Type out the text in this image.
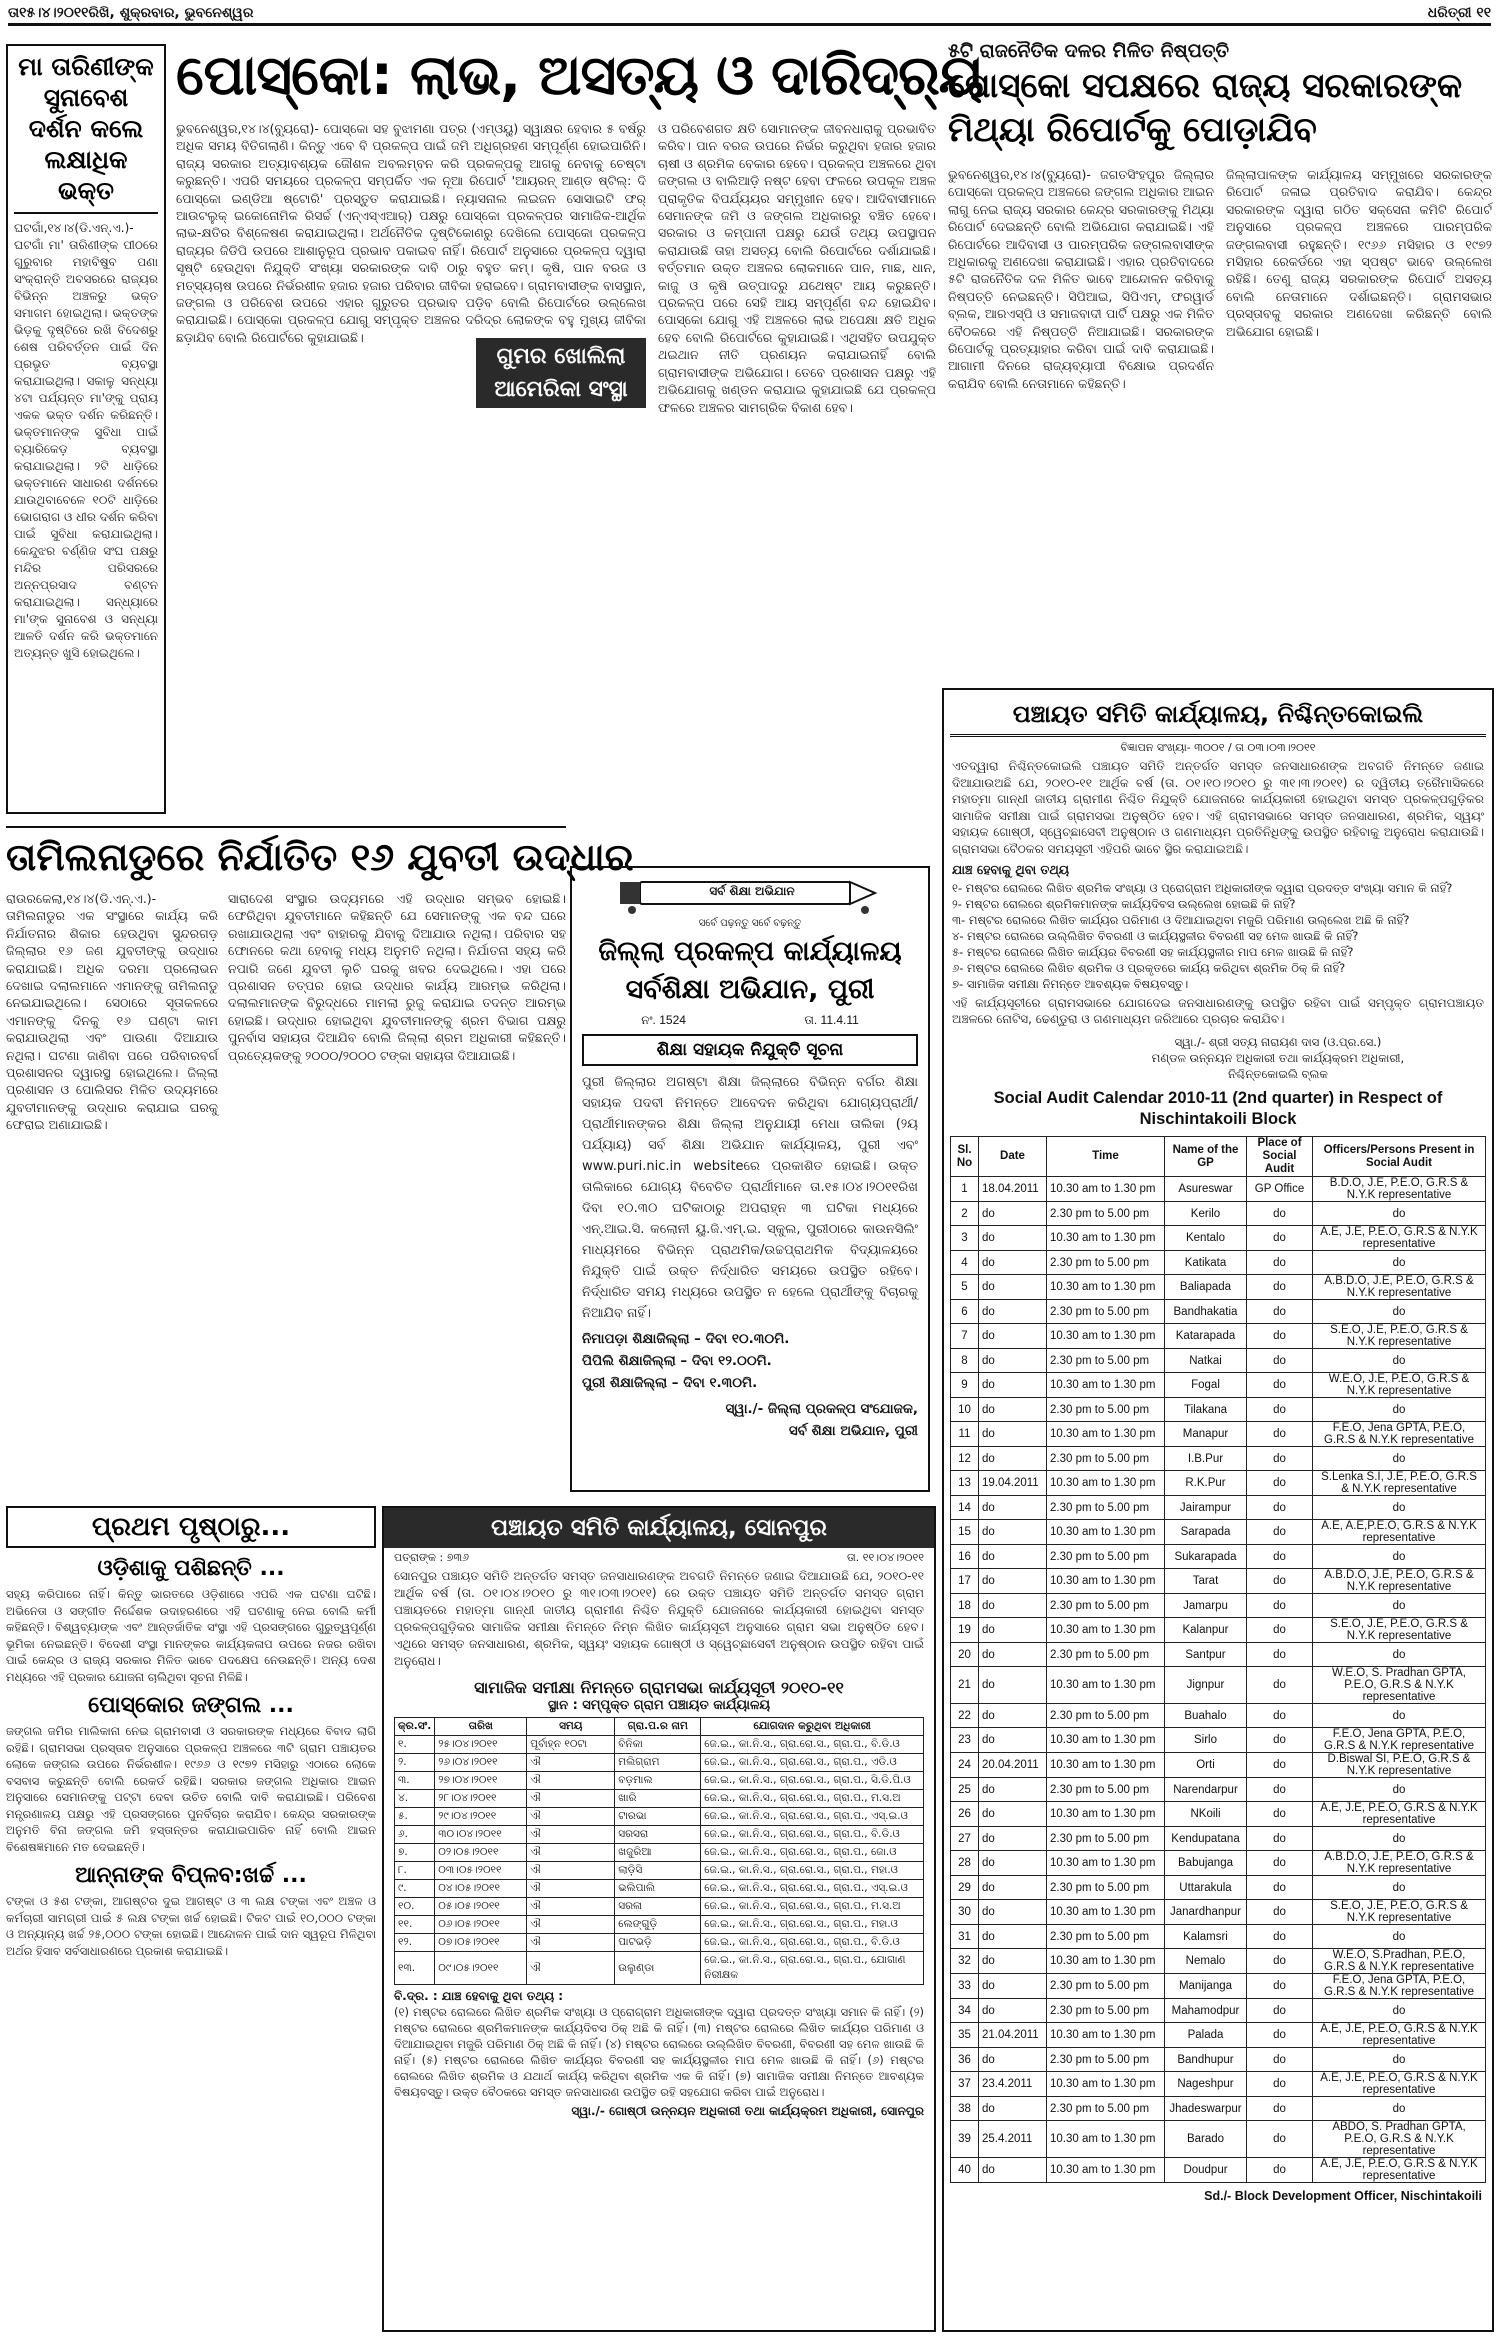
ତା୧୫।୪।୨୦୧୧ରିଖି, ଶୁକ୍ରବାର, ଭୁବନେଶ୍ୱର	ଧରିତ୍ରୀ ୧୧
ମା ତାରିଣୀଙ୍କ ସୁନାବେଶ ଦର୍ଶନ କଲେ ଲକ୍ଷାଧିକ ଭକ୍ତ
ଘଟଗାଁ,୧୪।୪(ଡି.ଏନ୍.ଏ.)- ଘଟଗାଁ ମା' ତାରିଣୀଙ୍କ ପୀଠରେ ଗୁରୁବାର ମହାବିଷୁବ ପଣା ସଂକ୍ରାନ୍ତି ଅବସରରେ ରାଜ୍ୟର ବିଭିନ୍ନ ଅଞ୍ଚଳରୁ ଭକ୍ତ ସମାଗମ ହୋଇଥିଲା। ଭକ୍ତଙ୍କ ଭିଡ଼କୁ ଦୃଷ୍ଟିରେ ରଖି ବିଦେଶରୁ ଶେଷ ପରିବର୍ତ୍ତନ ପାଇଁ ଦିନ ପ୍ରଭୃତ ବ୍ୟବସ୍ଥା କରାଯାଇଥିଲା। ସକାଳୁ ସନ୍ଧ୍ୟା ୪ଟା ପର୍ଯ୍ୟନ୍ତ ମା'ଙ୍କୁ ପ୍ରାୟ ଏକକ ଭକ୍ତ ଦର୍ଶନ କରିଛନ୍ତି। ଭକ୍ତମାନଙ୍କ ସୁବିଧା ପାଇଁ ବ୍ୟାରିକେଡ଼ ବ୍ୟବସ୍ଥା କରାଯାଇଥିଲା। ୨ଟି ଧାଡ଼ିରେ ଭକ୍ତମାନେ ସାଧାରଣ ଦର୍ଶନରେ ଯାଉଥିବାବେଳେ ୧୦ଟି ଧାଡ଼ିରେ ଭୋଗରାଗ ଓ ଧୀର ଦର୍ଶନ କରିବା ପାଇଁ ସୁବିଧା କରାଯାଇଥିଲା। କେନ୍ଦୁଝର ବର୍ଣ୍ଣିଜ ସଂଘ ପକ୍ଷରୁ ମନ୍ଦିର ପରିସରରେ ଅନ୍ନପ୍ରସାଦ ବଣ୍ଟନ କରାଯାଇଥିଲା। ସନ୍ଧ୍ୟାରେ ମା'ଙ୍କ ସୁନାବେଶ ଓ ସନ୍ଧ୍ୟା ଆଳତି ଦର୍ଶନ କରି ଭକ୍ତମାନେ ଅତ୍ୟନ୍ତ ଖୁସି ହୋଇଥିଲେ।
ପୋସ୍କୋ: ଲାଭ, ଅସତ୍ୟ ଓ ଦାରିଦ୍ର୍ୟ
ଭୁବନେଶ୍ୱର,୧୪।୪(ବ୍ୟୁରୋ)- ପୋସ୍କୋ ସହ ବୁଝାମଣା ପତ୍ର (ଏମ୍‌ଓୟୁ) ସ୍ୱାକ୍ଷର ହେବାର ୫ ବର୍ଷରୁ ଅଧିକ ସମୟ ବିତିଗଲାଣି। କିନ୍ତୁ ଏବେ ବି ପ୍ରକଳ୍ପ ପାଇଁ ଜମି ଅଧିଗ୍ରହଣ ସମ୍ପୂର୍ଣ୍ଣ ହୋଇପାରିନି। ରାଜ୍ୟ ସରକାର ଅତ୍ୟାବଶ୍ୟକ ଜୌଶଳ ଅବଲମ୍ବନ କରି ପ୍ରକଳ୍ପକୁ ଆଗକୁ ନେବାକୁ ଚେଷ୍ଟା କରୁଛନ୍ତି। ଏପରି ସମୟରେ ପ୍ରକଳ୍ପ ସମ୍ପର୍କିତ ଏକ ନୂଆ ରିପୋର୍ଟ 'ଆୟରନ୍ ଆଣ୍ଡ ଷ୍ଟିଲ୍: ଦି ପୋସ୍କୋ ଇଣ୍ଡିଆ ଷ୍ଟୋରି' ପ୍ରସ୍ତୁତ କରାଯାଇଛି। ନ୍ୟାସନାଲ ଲଇଜନ ସୋସାଇଟି ଫର୍ ଆଉଟଲୁକ୍ ଇକୋନୋମିକ ରିସର୍ଚ୍ଚ (ଏନ୍‌ଏସ୍‌ଏଆର୍) ପକ୍ଷରୁ ପୋସ୍କୋ ପ୍ରକଳ୍ପର ସାମାଜିକ-ଆର୍ଥିକ ଲାଭ-କ୍ଷତିର ବିଶ୍ଳେଷଣ କରାଯାଇଥିଲା। ଅର୍ଥନୈତିକ ଦୃଷ୍ଟିକୋଣରୁ ଦେଖିଲେ ପୋସ୍କୋ ପ୍ରକଳ୍ପ ରାଜ୍ୟର ଜିଡିପି ଉପରେ ଆଶାନୁରୂପ ପ୍ରଭାବ ପକାଇବ ନାହିଁ। ରିପୋର୍ଟ ଅନୁସାରେ ପ୍ରକଳ୍ପ ଦ୍ୱାରା ସୃଷ୍ଟି ହେଉଥିବା ନିଯୁକ୍ତି ସଂଖ୍ୟା ସରକାରଙ୍କ ଦାବି ଠାରୁ ବହୁତ କମ୍। କୃଷି, ପାନ ବରଜ ଓ ମତ୍ସ୍ୟଚାଷ ଉପରେ ନିର୍ଭରଶୀଳ ହଜାର ହଜାର ପରିବାର ଜୀବିକା ହରାଇବେ। ଗ୍ରାମବାସୀଙ୍କ ବାସସ୍ଥାନ, ଜଙ୍ଗଲ ଓ ପରିବେଶ ଉପରେ ଏହାର ଗୁରୁତର ପ୍ରଭାବ ପଡ଼ିବ ବୋଲି ରିପୋର୍ଟରେ ଉଲ୍ଲେଖ କରାଯାଇଛି। ପୋସ୍କୋ ପ୍ରକଳ୍ପ ଯୋଗୁ ସମ୍ପୃକ୍ତ ଅଞ୍ଚଳର ଦରିଦ୍ର ଲୋକଙ୍କ ବହୁ ମୁଖ୍ୟ ଜୀବିକା ଛଡ଼ାଯିବ ବୋଲି ରିପୋର୍ଟରେ କୁହାଯାଇଛି।
ଗୁମର ଖୋଲିଲା ଆମେରିକା ସଂସ୍ଥା
ଓ ପରିବେଶଗତ କ୍ଷତି ସୋମାନଙ୍କ ଜୀବନଧାରାକୁ ପ୍ରଭାବିତ କରିବ। ପାନ ବରଜ ଉପରେ ନିର୍ଭର କରୁଥିବା ହଜାର ହଜାର ଚାଷୀ ଓ ଶ୍ରମିକ ବେକାର ହେବେ। ପ୍ରକଳ୍ପ ଅଞ୍ଚଳରେ ଥିବା ଜଙ୍ଗଲ ଓ ବାଲିଆଡ଼ି ନଷ୍ଟ ହେବା ଫଳରେ ଉପକୂଳ ଅଞ୍ଚଳ ପ୍ରାକୃତିକ ବିପର୍ଯ୍ୟୟର ସମ୍ମୁଖୀନ ହେବ। ଆଦିବାସୀମାନେ ସେମାନଙ୍କ ଜମି ଓ ଜଙ୍ଗଲ ଅଧିକାରରୁ ବଞ୍ଚିତ ହେବେ। ସରକାର ଓ କମ୍ପାନୀ ପକ୍ଷରୁ ଯେଉଁ ତଥ୍ୟ ଉପସ୍ଥାପନ କରାଯାଉଛି ତାହା ଅସତ୍ୟ ବୋଲି ରିପୋର୍ଟରେ ଦର୍ଶାଯାଇଛି। ବର୍ତ୍ତମାନ ଉକ୍ତ ଅଞ୍ଚଳର ଲୋକମାନେ ପାନ, ମାଛ, ଧାନ, କାଜୁ ଓ କୃଷି ଉତ୍ପାଦରୁ ଯଥେଷ୍ଟ ଆୟ କରୁଛନ୍ତି। ପ୍ରକଳ୍ପ ପରେ ସେହି ଆୟ ସମ୍ପୂର୍ଣ୍ଣ ବନ୍ଦ ହୋଇଯିବ। ପୋସ୍କୋ ଯୋଗୁ ଏହି ଅଞ୍ଚଳରେ ଲାଭ ଅପେକ୍ଷା କ୍ଷତି ଅଧିକ ହେବ ବୋଲି ରିପୋର୍ଟରେ କୁହାଯାଇଛି। ଏଥିସହିତ ଉପଯୁକ୍ତ ଥଇଥାନ ନୀତି ପ୍ରଣୟନ କରାଯାଇନାହିଁ ବୋଲି ଗ୍ରାମବାସୀଙ୍କ ଅଭିଯୋଗ। ତେବେ ପ୍ରଶାସନ ପକ୍ଷରୁ ଏହି ଅଭିଯୋଗକୁ ଖଣ୍ଡନ କରାଯାଇ କୁହାଯାଇଛି ଯେ ପ୍ରକଳ୍ପ ଫଳରେ ଅଞ୍ଚଳର ସାମଗ୍ରିକ ବିକାଶ ହେବ।
୫ଟି ରାଜନୈତିକ ଦଳର ମିଳିତ ନିଷ୍ପତ୍ତି
ପୋସ୍କୋ ସପକ୍ଷରେ ରାଜ୍ୟ ସରକାରଙ୍କ ମିଥ୍ୟା ରିପୋର୍ଟକୁ ପୋଡ଼ାଯିବ
ଭୁବନେଶ୍ୱର,୧୪।୪(ବ୍ୟୁରୋ)- ଜଗତସିଂହପୁର ଜିଲ୍ଲାର ପୋସ୍କୋ ପ୍ରକଳ୍ପ ଅଞ୍ଚଳରେ ଜଙ୍ଗଲ ଅଧିକାର ଆଇନ ଲାଗୁ ନେଇ ରାଜ୍ୟ ସରକାର କେନ୍ଦ୍ର ସରକାରଙ୍କୁ ମିଥ୍ୟା ରିପୋର୍ଟ ଦେଇଛନ୍ତି ବୋଲି ଅଭିଯୋଗ କରାଯାଇଛି। ଏହି ରିପୋର୍ଟରେ ଆଦିବାସୀ ଓ ପାରମ୍ପରିକ ଜଙ୍ଗଲବାସୀଙ୍କ ଅଧିକାରକୁ ଅଣଦେଖା କରାଯାଇଛି। ଏହାର ପ୍ରତିବାଦରେ ୫ଟି ରାଜନୈତିକ ଦଳ ମିଳିତ ଭାବେ ଆନ୍ଦୋଳନ କରିବାକୁ ନିଷ୍ପତ୍ତି ନେଇଛନ୍ତି। ସିପିଆଇ, ସିପିଏମ୍, ଫରୱାର୍ଡ ବ୍ଲକ, ଆରଏସ୍‌ପି ଓ ସମାଜବାଦୀ ପାର୍ଟି ପକ୍ଷରୁ ଏକ ମିଳିତ ବୈଠକରେ ଏହି ନିଷ୍ପତ୍ତି ନିଆଯାଇଛି। ସରକାରଙ୍କ ରିପୋର୍ଟକୁ ପ୍ରତ୍ୟାହାର କରିବା ପାଇଁ ଦାବି କରାଯାଇଛି। ଆଗାମୀ ଦିନରେ ରାଜ୍ୟବ୍ୟାପୀ ବିକ୍ଷୋଭ ପ୍ରଦର୍ଶନ କରାଯିବ ବୋଲି ନେତାମାନେ କହିଛନ୍ତି।
ଜିଲ୍ଲାପାଳଙ୍କ କାର୍ଯ୍ୟାଳୟ ସମ୍ମୁଖରେ ସରକାରଙ୍କ ରିପୋର୍ଟ ଜଳାଇ ପ୍ରତିବାଦ କରାଯିବ। କେନ୍ଦ୍ର ସରକାରଙ୍କ ଦ୍ୱାରା ଗଠିତ ସକ୍ସେନା କମିଟି ରିପୋର୍ଟ ଅନୁସାରେ ପ୍ରକଳ୍ପ ଅଞ୍ଚଳରେ ପାରମ୍ପରିକ ଜଙ୍ଗଲବାସୀ ରହୁଛନ୍ତି। ୧୯୬୬ ମସିହାର ଓ ୧୯୭୨ ମସିହାର ରେକର୍ଡରେ ଏହା ସ୍ପଷ୍ଟ ଭାବେ ଉଲ୍ଲେଖ ରହିଛି। ତେଣୁ ରାଜ୍ୟ ସରକାରଙ୍କ ରିପୋର୍ଟ ଅସତ୍ୟ ବୋଲି ନେତାମାନେ ଦର୍ଶାଇଛନ୍ତି। ଗ୍ରାମସଭାର ପ୍ରସ୍ତାବକୁ ସରକାର ଅଣଦେଖା କରିଛନ୍ତି ବୋଲି ଅଭିଯୋଗ ହୋଇଛି।
ପଞ୍ଚାୟତ ସମିତି କାର୍ଯ୍ୟାଳୟ, ନିଶ୍ଚିନ୍ତକୋଇଲି
ବିଜ୍ଞାପନ ସଂଖ୍ୟା- ୩୦୦୧ / ତା ୦୩।୦୩।୨୦୧୧
ଏତଦ୍ୱାରା ନିଶ୍ଚିନ୍ତକୋଇଲି ପଞ୍ଚାୟତ ସମିତି ଅନ୍ତର୍ଗତ ସମସ୍ତ ଜନସାଧାରଣଙ୍କ ଅବଗତି ନିମନ୍ତେ ଜଣାଇ ଦିଆଯାଉଅଛି ଯେ, ୨୦୧୦-୧୧ ଆର୍ଥିକ ବର୍ଷ (ତା. ୦୧।୧୦।୨୦୧୦ ରୁ ୩୧।୩।୨୦୧୧) ର ଦ୍ୱିତୀୟ ତ୍ରୈମାସିକରେ ମହାତ୍ମା ଗାନ୍ଧୀ ଜାତୀୟ ଗ୍ରାମୀଣ ନିଶ୍ଚିତ ନିଯୁକ୍ତି ଯୋଜନାରେ କାର୍ଯ୍ୟକାରୀ ହୋଇଥିବା ସମସ୍ତ ପ୍ରକଳ୍ପଗୁଡ଼ିକର ସାମାଜିକ ସମୀକ୍ଷା ପାଇଁ ଗ୍ରାମସଭା ଅନୁଷ୍ଠିତ ହେବ। ଏହି ଗ୍ରାମସଭାରେ ସମସ୍ତ ଜନସାଧାରଣ, ଶ୍ରମିକ, ସ୍ୱୟଂ ସହାୟକ ଗୋଷ୍ଠୀ, ସ୍ୱେଚ୍ଛାସେବୀ ଅନୁଷ୍ଠାନ ଓ ଗଣମାଧ୍ୟମ ପ୍ରତିନିଧିଙ୍କୁ ଉପସ୍ଥିତ ରହିବାକୁ ଅନୁରୋଧ କରାଯାଉଛି। ଗ୍ରାମସଭା ବୈଠକର ସମୟସୂଚୀ ଏହିପରି ଭାବେ ସ୍ଥିର କରାଯାଇଅଛି।
ଯାଞ୍ଚ ହେବାକୁ ଥିବା ତଥ୍ୟ
୧- ମଷ୍ଟର ରୋଲରେ ଲିଖିତ ଶ୍ରମିକ ସଂଖ୍ୟା ଓ ପ୍ରୋଗ୍ରାମ ଅଧିକାରୀଙ୍କ ଦ୍ୱାରା ପ୍ରଦତ୍ତ ସଂଖ୍ୟା ସମାନ କି ନାହିଁ?
୨- ମଷ୍ଟର ରୋଲରେ ଶ୍ରମିକମାନଙ୍କ କାର୍ଯ୍ୟଦିବସ ଉଲ୍ଲେଖ ହୋଇଛି କି ନାହିଁ?
୩- ମଷ୍ଟର ରୋଲରେ ଲିଖିତ କାର୍ଯ୍ୟର ପରିମାଣ ଓ ଦିଆଯାଇଥିବା ମଜୁରି ପରିମାଣ ଉଲ୍ଲେଖ ଅଛି କି ନାହିଁ?
୪- ମଷ୍ଟର ରୋଲରେ ଉଲ୍ଲିଖିତ ବିବରଣୀ ଓ କାର୍ଯ୍ୟସ୍ଥଳୀର ବିବରଣୀ ସହ ମେଳ ଖାଉଛି କି ନାହିଁ?
୫- ମଷ୍ଟର ରୋଲରେ ଲିଖିତ କାର୍ଯ୍ୟର ବିବରଣୀ ସହ କାର୍ଯ୍ୟସ୍ଥଳୀର ମାପ ମେଳ ଖାଉଛି କି ନାହିଁ?
୬- ମଷ୍ଟର ରୋଲରେ ଲିଖିତ ଶ୍ରମିକ ଓ ପ୍ରକୃତରେ କାର୍ଯ୍ୟ କରିଥିବା ଶ୍ରମିକ ଠିକ୍ କି ନାହିଁ?
୭- ସାମାଜିକ ସମୀକ୍ଷା ନିମନ୍ତେ ଆବଶ୍ୟକ ବିଷୟବସ୍ତୁ।
ଏହି କାର୍ଯ୍ୟସୂଚୀରେ ଗ୍ରାମସଭାରେ ଯୋଗଦେଇ ଜନସାଧାରଣଙ୍କୁ ଉପସ୍ଥିତ ରହିବା ପାଇଁ ସମ୍ପୃକ୍ତ ଗ୍ରାମପଞ୍ଚାୟତ ଅଞ୍ଚଳରେ ନୋଟିସ, ଢେଣ୍ଡୁରା ଓ ଗଣମାଧ୍ୟମ ଜରିଆରେ ପ୍ରଚାର କରାଯିବ।
ସ୍ୱା./- ଶ୍ରୀ ସତ୍ୟ ନାରାୟଣ ଦାସ (ଓ.ପ୍ର.ସେ.)
ମଣ୍ଡଳ ଉନ୍ନୟନ ଅଧିକାରୀ ତଥା କାର୍ଯ୍ୟକ୍ରମ ଅଧିକାରୀ,
ନିଶ୍ଚିନ୍ତକୋଇଲି ବ୍ଲକ
Social Audit Calendar 2010-11 (2nd quarter) in Respect of Nischintakoili Block
Sl. No	Date	Time	Name of the GP	Place of Social Audit	Officers/Persons Present in Social Audit
1	18.04.2011	10.30 am to 1.30 pm	Asureswar	GP Office	B.D.O, J.E, P.E.O, G.R.S & N.Y.K representative
2	do	2.30 pm to 5.00 pm	Kerilo	do	do
3	do	10.30 am to 1.30 pm	Kentalo	do	A.E, J.E, P.E.O, G.R.S & N.Y.K representative
4	do	2.30 pm to 5.00 pm	Katikata	do	do
5	do	10.30 am to 1.30 pm	Baliapada	do	A.B.D.O, J.E, P.E.O, G.R.S & N.Y.K representative
6	do	2.30 pm to 5.00 pm	Bandhakatia	do	do
7	do	10.30 am to 1.30 pm	Katarapada	do	S.E.O, J.E, P.E.O, G.R.S & N.Y.K representative
8	do	2.30 pm to 5.00 pm	Natkai	do	do
9	do	10.30 am to 1.30 pm	Fogal	do	W.E.O, J.E, P.E.O, G.R.S & N.Y.K representative
10	do	2.30 pm to 5.00 pm	Tilakana	do	do
11	do	10.30 am to 1.30 pm	Manapur	do	F.E.O, Jena GPTA, P.E.O, G.R.S & N.Y.K representative
12	do	2.30 pm to 5.00 pm	I.B.Pur	do	do
13	19.04.2011	10.30 am to 1.30 pm	R.K.Pur	do	S.Lenka S.I, J.E, P.E.O, G.R.S & N.Y.K representative
14	do	2.30 pm to 5.00 pm	Jairampur	do	do
15	do	10.30 am to 1.30 pm	Sarapada	do	A.E, A.E,P.E.O, G.R.S & N.Y.K representative
16	do	2.30 pm to 5.00 pm	Sukarapada	do	do
17	do	10.30 am to 1.30 pm	Tarat	do	A.B.D.O, J.E, P.E.O, G.R.S & N.Y.K representative
18	do	2.30 pm to 5.00 pm	Jamarpu	do	do
19	do	10.30 am to 1.30 pm	Kalanpur	do	S.E.O, J.E, P.E.O, G.R.S & N.Y.K representative
20	do	2.30 pm to 5.00 pm	Santpur	do	do
21	do	10.30 am to 1.30 pm	Jignpur	do	W.E.O, S. Pradhan GPTA, P.E.O, G.R.S & N.Y.K representative
22	do	2.30 pm to 5.00 pm	Buahalo	do	do
23	do	10.30 am to 1.30 pm	Sirlo	do	F.E.O, Jena GPTA, P.E.O, G.R.S & N.Y.K representative
24	20.04.2011	10.30 am to 1.30 pm	Orti	do	D.Biswal SI, P.E.O, G.R.S & N.Y.K representative
25	do	2.30 pm to 5.00 pm	Narendarpur	do	do
26	do	10.30 am to 1.30 pm	NKoili	do	A.E, J.E, P.E.O, G.R.S & N.Y.K representative
27	do	2.30 pm to 5.00 pm	Kendupatana	do	do
28	do	10.30 am to 1.30 pm	Babujanga	do	A.B.D.O, J.E, P.E.O, G.R.S & N.Y.K representative
29	do	2.30 pm to 5.00 pm	Uttarakula	do	do
30	do	10.30 am to 1.30 pm	Janardhanpur	do	S.E.O, J.E, P.E.O, G.R.S & N.Y.K representative
31	do	2.30 pm to 5.00 pm	Kalamsri	do	do
32	do	10.30 am to 1.30 pm	Nemalo	do	W.E.O, S.Pradhan, P.E.O, G.R.S & N.Y.K representative
33	do	2.30 pm to 5.00 pm	Manijanga	do	F.E.O, Jena GPTA, P.E.O, G.R.S & N.Y.K representative
34	do	2.30 pm to 5.00 pm	Mahamodpur	do	do
35	21.04.2011	10.30 am to 1.30 pm	Palada	do	A.E, J.E, P.E.O, G.R.S & N.Y.K representative
36	do	2.30 pm to 5.00 pm	Bandhupur	do	do
37	23.4.2011	10.30 am to 1.30 pm	Nageshpur	do	A.E, J.E, P.E.O, G.R.S & N.Y.K representative
38	do	2.30 pm to 5.00 pm	Jhadeswarpur	do	do
39	25.4.2011	10.30 am to 1.30 pm	Barado	do	ABDO, S. Pradhan GPTA, P.E.O, G.R.S & N.Y.K representative
40	do	10.30 am to 1.30 pm	Doudpur	do	A.E, J.E, P.E.O, G.R.S & N.Y.K representative
Sd./- Block Development Officer, Nischintakoili
ତାମିଲନାଡୁରେ ନିର୍ଯାତିତ ୧୬ ଯୁବତୀ ଉଦ୍ଧାର
ରାଉରକେଲା,୧୪।୪(ଡି.ଏନ୍.ଏ.)- ତାମିଲନାଡୁର ଏକ ସଂସ୍ଥାରେ କାର୍ଯ୍ୟ କରି ନିର୍ଯାତନାର ଶିକାର ହେଉଥିବା ସୁନ୍ଦରଗଡ଼ ଜିଲ୍ଲାର ୧୬ ଜଣ ଯୁବତୀଙ୍କୁ ଉଦ୍ଧାର କରାଯାଇଛି। ଅଧିକ ଦରମା ପ୍ରଲୋଭନ ଦେଖାଇ ଦଲାଲମାନେ ଏମାନଙ୍କୁ ତାମିଲନାଡୁ ନେଇଯାଇଥିଲେ। ସେଠାରେ ସୂତାକଳରେ ଏମାନଙ୍କୁ ଦିନକୁ ୧୬ ଘଣ୍ଟା କାମ କରାଯାଉଥିଲା ଏବଂ ପାଉଣା ଦିଆଯାଉ ନଥିଲା। ଘଟଣା ଜାଣିବା ପରେ ପରିବାରବର୍ଗ ପ୍ରଶାସନର ଦ୍ୱାରସ୍ଥ ହୋଇଥିଲେ। ଜିଲ୍ଲା ପ୍ରଶାସନ ଓ ପୋଲିସର ମିଳିତ ଉଦ୍ୟମରେ ଯୁବତୀମାନଙ୍କୁ ଉଦ୍ଧାର କରାଯାଇ ଘରକୁ ଫେରାଇ ଅଣାଯାଇଛି।
ସାରାଦେଶ ସଂସ୍ଥାର ଉଦ୍ୟମରେ ଏହି ଉଦ୍ଧାର ସମ୍ଭବ ହୋଇଛି। ଫେରିଥିବା ଯୁବତୀମାନେ କହିଛନ୍ତି ଯେ ସେମାନଙ୍କୁ ଏକ ବନ୍ଦ ଘରେ ରଖାଯାଉଥିଲା ଏବଂ ବାହାରକୁ ଯିବାକୁ ଦିଆଯାଉ ନଥିଲା। ପରିବାର ସହ ଫୋନରେ କଥା ହେବାକୁ ମଧ୍ୟ ଅନୁମତି ନଥିଲା। ନିର୍ଯାତନା ସହ୍ୟ କରି ନପାରି ଜଣେ ଯୁବତୀ ଲୁଚି ଘରକୁ ଖବର ଦେଇଥିଲେ। ଏହା ପରେ ପ୍ରଶାସନ ତତ୍ପର ହୋଇ ଉଦ୍ଧାର କାର୍ଯ୍ୟ ଆରମ୍ଭ କରିଥିଲା। ଦଲାଲମାନଙ୍କ ବିରୁଦ୍ଧରେ ମାମଲା ରୁଜୁ କରାଯାଇ ତଦନ୍ତ ଆରମ୍ଭ ହୋଇଛି। ଉଦ୍ଧାର ହୋଇଥିବା ଯୁବତୀମାନଙ୍କୁ ଶ୍ରମ ବିଭାଗ ପକ୍ଷରୁ ପୁନର୍ବାସ ସହାୟତା ଦିଆଯିବ ବୋଲି ଜିଲ୍ଲା ଶ୍ରମ ଅଧିକାରୀ କହିଛନ୍ତି। ପ୍ରତ୍ୟେକଙ୍କୁ ୨୦୦୦/୨୦୦୦ ଟଙ୍କା ସହାୟତା ଦିଆଯାଇଛି।
ସର୍ବ ଶିକ୍ଷା ଅଭିଯାନ
ସର୍ବେ ପଢ଼ନ୍ତୁ ସର୍ବେ ବଢ଼ନ୍ତୁ
ଜିଲ୍ଲା ପ୍ରକଳ୍ପ କାର୍ଯ୍ୟାଳୟ
ସର୍ବଶିକ୍ଷା ଅଭିଯାନ, ପୁରୀ
ନଂ. 1524	ତା. 11.4.11
ଶିକ୍ଷା ସହାୟକ ନିଯୁକ୍ତି ସୂଚନା
ପୁରୀ ଜିଲ୍ଲାର ଅଗଷ୍ଟା ଶିକ୍ଷା ଜିଲ୍ଲାରେ ବିଭିନ୍ନ ବର୍ଗର ଶିକ୍ଷା ସହାୟକ ପଦବୀ ନିମନ୍ତେ ଆବେଦନ କରିଥିବା ଯୋଗ୍ୟପ୍ରାର୍ଥୀ/ ପ୍ରାର୍ଥୀମାନଙ୍କର ଶିକ୍ଷା ଜିଲ୍ଲା ଅନୁଯାୟୀ ମେଧା ତାଲିକା (୨ୟ ପର୍ଯ୍ୟାୟ) ସର୍ବ ଶିକ୍ଷା ଅଭିଯାନ କାର୍ଯ୍ୟାଳୟ, ପୁରୀ ଏବଂ www.puri.nic.in websiteରେ ପ୍ରକାଶିତ ହୋଇଛି। ଉକ୍ତ ତାଲିକାରେ ଯୋଗ୍ୟ ବିବେଚିତ ପ୍ରାର୍ଥୀମାନେ ତା.୧୫।୦୪।୨୦୧୧ରିଖ ଦିବା ୧୦.୩୦ ଘଟିକାଠାରୁ ଅପରାହ୍ନ ୩ ଘଟିକା ମଧ୍ୟରେ ଏନ୍.ଆଇ.ସି. କଲୋନୀ ୟୁ.ଜି.ଏମ୍.ଇ. ସ୍କୁଲ, ପୁରୀଠାରେ କାଉନସିଲିଂ ମାଧ୍ୟମରେ ବିଭିନ୍ନ ପ୍ରାଥମିକ/ଉଚ୍ଚପ୍ରାଥମିକ ବିଦ୍ୟାଳୟରେ ନିଯୁକ୍ତି ପାଇଁ ଉକ୍ତ ନିର୍ଦ୍ଧାରିତ ସମୟରେ ଉପସ୍ଥିତ ରହିବେ। ନିର୍ଦ୍ଧାରିତ ସମୟ ମଧ୍ୟରେ ଉପସ୍ଥିତ ନ ହେଲେ ପ୍ରାର୍ଥୀଙ୍କୁ ବିଚାରକୁ ନିଆଯିବ ନାହିଁ।
ନିମାପଡ଼ା ଶିକ୍ଷାଜିଲ୍ଲା – ଦିବା ୧୦.୩୦ମି.
ପିପିଲି ଶିକ୍ଷାଜିଲ୍ଲା – ଦିବା ୧୨.୦୦ମି.
ପୁରୀ ଶିକ୍ଷାଜିଲ୍ଲା – ଦିବା ୧.୩୦ମି.
ସ୍ୱା./- ଜିଲ୍ଲା ପ୍ରକଳ୍ପ ସଂଯୋଜକ,
ସର୍ବ ଶିକ୍ଷା ଅଭିଯାନ, ପୁରୀ
ପ୍ରଥମ ପୃଷ୍ଠାରୁ...
ଓଡ଼ିଶାକୁ ପଶିଛନ୍ତି ...
ସହ୍ୟ କରିପାରେ ନାହିଁ। କିନ୍ତୁ ଭାରତରେ ଓଡ଼ିଶାରେ ଏପରି ଏକ ଘଟଣା ଘଟିଛି। ଅଭିନେତା ଓ ସଙ୍ଗୀତ ନିର୍ଦ୍ଦେଶକ ଉଦାହରଣରେ ଏହି ଘଟଣାକୁ ନେଇ ବୋଲି କର୍ମୀ କହିଛନ୍ତି। ବିଶ୍ୱବ୍ୟାଙ୍କ ଏବଂ ଆନ୍ତର୍ଜାତିକ ସଂସ୍ଥା ଏହି ପ୍ରସଙ୍ଗରେ ଗୁରୁତ୍ୱପୂର୍ଣ୍ଣ ଭୂମିକା ନେଇଛନ୍ତି। ବିଦେଶୀ ସଂସ୍ଥା ମାନଙ୍କର କାର୍ଯ୍ୟକଳାପ ଉପରେ ନଜର ରଖିବା ପାଇଁ କେନ୍ଦ୍ର ଓ ରାଜ୍ୟ ସରକାର ମିଳିତ ଭାବେ ପଦକ୍ଷେପ ନେଉଛନ୍ତି। ଅନ୍ୟ ଦେଶ ମଧ୍ୟରେ ଏହି ପ୍ରକାର ଯୋଜନା ଚାଲିଥିବା ସୂଚନା ମିଳିଛି।
ପୋସ୍କୋର ଜଙ୍ଗଲ ...
ଜଙ୍ଗଲ ଜମିର ମାଲିକାନା ନେଇ ଗ୍ରାମବାସୀ ଓ ସରକାରଙ୍କ ମଧ୍ୟରେ ବିବାଦ ଲାଗି ରହିଛି। ଗ୍ରାମସଭା ପ୍ରସ୍ତାବ ଅନୁସାରେ ପ୍ରକଳ୍ପ ଅଞ୍ଚଳରେ ୩ଟି ଗ୍ରାମ ପଞ୍ଚାୟତର ଲୋକେ ଜଙ୍ଗଲ ଉପରେ ନିର୍ଭରଶୀଳ। ୧୯୬୬ ଓ ୧୯୭୨ ମସିହାରୁ ଏଠାରେ ଲୋକେ ବସବାସ କରୁଛନ୍ତି ବୋଲି ରେକର୍ଡ ରହିଛି। ସରକାର ଜଙ୍ଗଲ ଅଧିକାର ଆଇନ ଅନୁସାରେ ସେମାନଙ୍କୁ ପଟ୍ଟା ଦେବା ଉଚିତ ବୋଲି ଦାବି କରାଯାଇଛି। ପରିବେଶ ମନ୍ତ୍ରଣାଳୟ ପକ୍ଷରୁ ଏହି ପ୍ରସଙ୍ଗରେ ପୁନର୍ବିଚାର କରାଯିବ। କେନ୍ଦ୍ର ସରକାରଙ୍କ ଅନୁମତି ବିନା ଜଙ୍ଗଲ ଜମି ହସ୍ତାନ୍ତର କରାଯାଇପାରିବ ନାହିଁ ବୋଲି ଆଇନ ବିଶେଷଜ୍ଞମାନେ ମତ ଦେଇଛନ୍ତି।
ଆନ୍ନାଙ୍କ ବିପ୍ଳବ:ଖର୍ଚ୍ଚ ...
ଟଙ୍କା ଓ ୫ଶ ଟଙ୍କା, ଆଗଷ୍ଟର ଦୁଇ ଆଗଷ୍ଟ ଓ ୩ ଲକ୍ଷ ଟଙ୍କା ଏବଂ ଅଞ୍ଚଳ ଓ କର୍ମଚାରୀ ସାମଗ୍ରୀ ପାଇଁ ୫ ଲକ୍ଷ ଟଙ୍କା ଖର୍ଚ୍ଚ ହୋଇଛି। ଟିକଟ ପାଇଁ ୧୦,୦୦୦ ଟଙ୍କା ଓ ଅନ୍ୟାନ୍ୟ ଖର୍ଚ୍ଚ ୨୫,୦୦୦ ଟଙ୍କା ହୋଇଛି। ଆନ୍ଦୋଳନ ପାଇଁ ଦାନ ସ୍ୱରୂପ ମିଳିଥିବା ଅର୍ଥର ହିସାବ ସର୍ବସାଧାରଣରେ ପ୍ରକାଶ କରାଯାଇଛି।
ପଞ୍ଚାୟତ ସମିତି କାର୍ଯ୍ୟାଳୟ, ସୋନପୁର
ପତ୍ରାଙ୍କ : ୭୩୬	ତା. ୧୧।୦୪।୨୦୧୧
ସୋନପୁର ପଞ୍ଚାୟତ ସମିତି ଅନ୍ତର୍ଗତ ସମସ୍ତ ଜନସାଧାରଣଙ୍କ ଅବଗତି ନିମନ୍ତେ ଜଣାଇ ଦିଆଯାଉଛି ଯେ, ୨୦୧୦-୧୧ ଆର୍ଥିକ ବର୍ଷ (ତା. ୦୧।୦୪।୨୦୧୦ ରୁ ୩୧।୦୩।୨୦୧୧) ରେ ଉକ୍ତ ପଞ୍ଚାୟତ ସମିତି ଅନ୍ତର୍ଗତ ସମସ୍ତ ଗ୍ରାମ ପଞ୍ଚାୟତରେ ମହାତ୍ମା ଗାନ୍ଧୀ ଜାତୀୟ ଗ୍ରାମୀଣ ନିଶ୍ଚିତ ନିଯୁକ୍ତି ଯୋଜନାରେ କାର୍ଯ୍ୟକାରୀ ହୋଇଥିବା ସମସ୍ତ ପ୍ରକଳ୍ପଗୁଡ଼ିକର ସାମାଜିକ ସମୀକ୍ଷା ନିମନ୍ତେ ନିମ୍ନ ଲିଖିତ କାର୍ଯ୍ୟସୂଚୀ ଅନୁସାରେ ଗ୍ରାମ ସଭା ଅନୁଷ୍ଠିତ ହେବ। ଏଥିରେ ସମସ୍ତ ଜନସାଧାରଣ, ଶ୍ରମିକ, ସ୍ୱୟଂ ସହାୟକ ଗୋଷ୍ଠୀ ଓ ସ୍ୱେଚ୍ଛାସେବୀ ଅନୁଷ୍ଠାନ ଉପସ୍ଥିତ ରହିବା ପାଇଁ ଅନୁରୋଧ।
ସାମାଜିକ ସମୀକ୍ଷା ନିମନ୍ତେ ଗ୍ରାମସଭା କାର୍ଯ୍ୟସୂଚୀ ୨୦୧୦-୧୧
ସ୍ଥାନ : ସମ୍ପୃକ୍ତ ଗ୍ରାମ ପଞ୍ଚାୟତ କାର୍ଯ୍ୟାଳୟ
କ୍ର.ସଂ.	ତାରିଖ	ସମୟ	ଗ୍ରା.ପ.ର ନାମ	ଯୋଗଦାନ କରୁଥିବା ଅଧିକାରୀ
୧.	୨୫।୦୪।୨୦୧୧	ପୂର୍ବାହ୍ନ ୧୦ଟା	ବିନିକା	ଜେ.ଇ., କା.ନି.ସ., ଗ୍ରା.ରୋ.ସ., ଗ୍ରା.ପ., ବି.ଡି.ଓ
୨.	୨୬।୦୪।୨୦୧୧	ଐ	ମଲିଗ୍ରାମ	ଜେ.ଇ., କା.ନି.ସ., ଗ୍ରା.ରୋ.ସ., ଗ୍ରା.ପ., ଏଡି.ଓ
୩.	୨୭।୦୪।୨୦୧୧	ଐ	ବଡ଼ମାଲ	ଜେ.ଇ., କା.ନି.ସ., ଗ୍ରା.ରୋ.ସ., ଗ୍ରା.ପ., ସି.ଡି.ପି.ଓ
୪.	୨୮।୦୪।୨୦୧୧	ଐ	ଖାରି	ଜେ.ଇ., କା.ନି.ସ., ଗ୍ରା.ରୋ.ସ., ଗ୍ରା.ପ., ମ.ସ.ଅ
୫.	୨୯।୦୪।୨୦୧୧	ଐ	ଟାରଭା	ଜେ.ଇ., କା.ନି.ସ., ଗ୍ରା.ରୋ.ସ., ଗ୍ରା.ପ., ଏସ୍.ଇ.ଓ
୬.	୩୦।୦୪।୨୦୧୧	ଐ	ସରସରା	ଜେ.ଇ., କା.ନି.ସ., ଗ୍ରା.ରୋ.ସ., ଗ୍ରା.ପ., ବି.ଡି.ଓ
୭.	୦୨।୦୫।୨୦୧୧	ଐ	ଖଜୁରିଆ	ଜେ.ଇ., କା.ନି.ସ., ଗ୍ରା.ରୋ.ସ., ଗ୍ରା.ପ., ଜୋ.ଓ
୮.	୦୩।୦୫।୨୦୧୧	ଐ	ଲାଡ଼ିସି	ଜେ.ଇ., କା.ନି.ସ., ଗ୍ରା.ରୋ.ସ., ଗ୍ରା.ପ., ମହା.ଓ
୯.	୦୪।୦୫।୨୦୧୧	ଐ	ଭଲିପାଲି	ଜେ.ଇ., କା.ନି.ସ., ଗ୍ରା.ରୋ.ସ., ଗ୍ରା.ପ., ଏସ୍.ଇ.ଓ
୧୦.	୦୫।୦୫।୨୦୧୧	ଐ	ସରଳା	ଜେ.ଇ., କା.ନି.ସ., ଗ୍ରା.ରୋ.ସ., ଗ୍ରା.ପ., ମ.ସ.ଅ
୧୧.	୦୬।୦୫।୨୦୧୧	ଐ	ଲେଙ୍ଗୁଡ଼ି	ଜେ.ଇ., କା.ନି.ସ., ଗ୍ରା.ରୋ.ସ., ଗ୍ରା.ପ., ମହା.ଓ
୧୨.	୦୭।୦୫।୨୦୧୧	ଐ	ପାଟଭଡ଼ି	ଜେ.ଇ., କା.ନି.ସ., ଗ୍ରା.ରୋ.ସ., ଗ୍ରା.ପ., ବି.ଡି.ଓ
୧୩.	୦୯।୦୫।୨୦୧୧	ଐ	ଉଲୁଣ୍ଡା	ଜେ.ଇ., କା.ନି.ସ., ଗ୍ରା.ରୋ.ସ., ଗ୍ରା.ପ., ଯୋଗାଣ ନିରୀକ୍ଷକ
ବି.ଦ୍ର. : ଯାଞ୍ଚ ହେବାକୁ ଥିବା ତଥ୍ୟ :
(୧) ମଷ୍ଟର ରୋଲରେ ଲିଖିତ ଶ୍ରମିକ ସଂଖ୍ୟା ଓ ପ୍ରୋଗ୍ରାମ ଅଧିକାରୀଙ୍କ ଦ୍ୱାରା ପ୍ରଦତ୍ତ ସଂଖ୍ୟା ସମାନ କି ନାହିଁ। (୨) ମଷ୍ଟର ରୋଲରେ ଶ୍ରମିକମାନଙ୍କ କାର୍ଯ୍ୟଦିବସ ଠିକ୍ ଅଛି କି ନାହିଁ। (୩) ମଷ୍ଟର ରୋଲରେ ଲିଖିତ କାର୍ଯ୍ୟର ପରିମାଣ ଓ ଦିଆଯାଇଥିବା ମଜୁରି ପରିମାଣ ଠିକ୍ ଅଛି କି ନାହିଁ। (୪) ମଷ୍ଟର ରୋଲରେ ଉଲ୍ଲିଖିତ ବିବରଣୀ, ବିବରଣୀ ସହ ମେଳ ଖାଉଛି କି ନାହିଁ। (୫) ମଷ୍ଟର ରୋଲରେ ଲିଖିତ କାର୍ଯ୍ୟର ବିବରଣୀ ସହ କାର୍ଯ୍ୟସ୍ଥଳୀର ମାପ ମେଳ ଖାଉଛି କି ନାହିଁ। (୬) ମଷ୍ଟର ରୋଲରେ ଲିଖିତ ଶ୍ରମିକ ଓ ଯଥାର୍ଥ କାର୍ଯ୍ୟ କରିଥିବା ଶ୍ରମିକ ଏକ କି ନାହିଁ। (୭) ସାମାଜିକ ସମୀକ୍ଷା ନିମନ୍ତେ ଆବଶ୍ୟକ ବିଷୟବସ୍ତୁ। ଉକ୍ତ ବୈଠକରେ ସମସ୍ତ ଜନସାଧାରଣ ଉପସ୍ଥିତ ରହି ସହଯୋଗ କରିବା ପାଇଁ ଅନୁରୋଧ।
ସ୍ୱା./- ଗୋଷ୍ଠୀ ଉନ୍ନୟନ ଅଧିକାରୀ ତଥା କାର୍ଯ୍ୟକ୍ରମ ଅଧିକାରୀ, ସୋନପୁର
